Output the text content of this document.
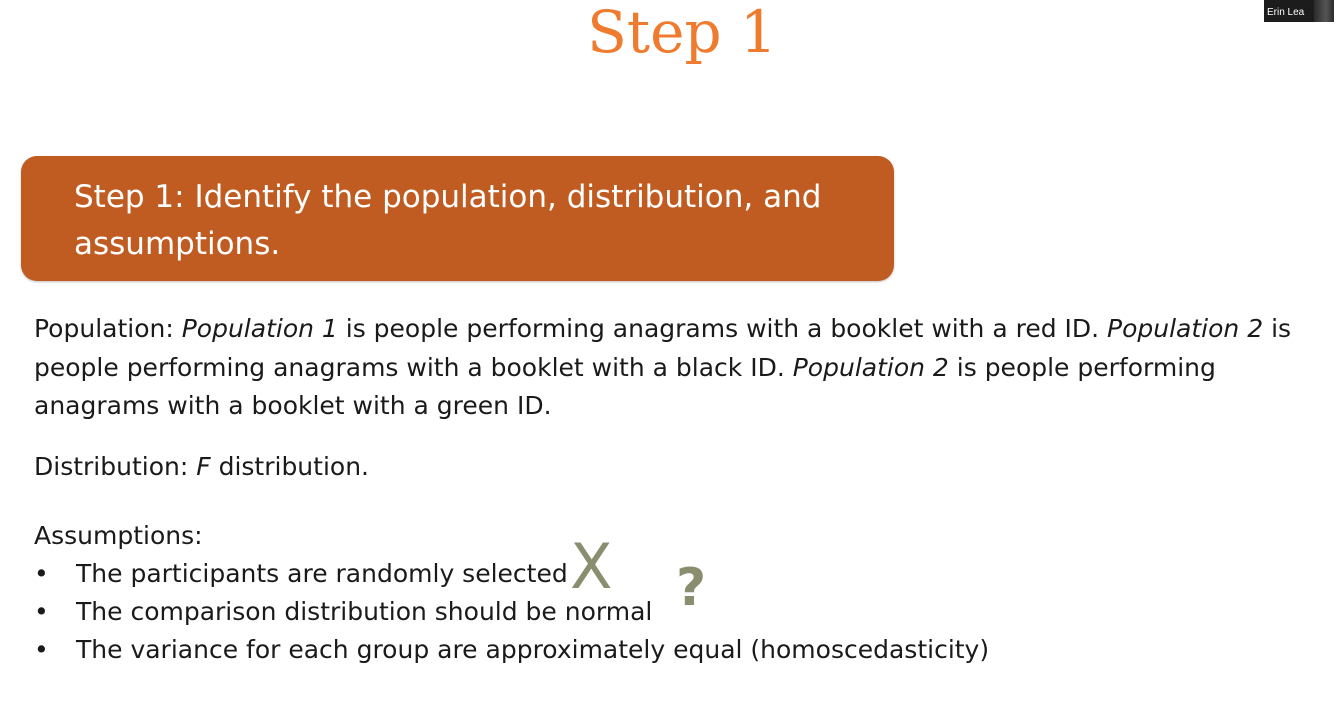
Step 1	Erin Lea
Step 1: Identify the population, distribution, and assumptions.
Population: Population 1 is people performing anagrams with a booklet with a red ID. Population 2 is people performing anagrams with a booklet with a black ID. Population 2 is people performing anagrams with a booklet with a green ID.
Distribution: F distribution.
Assumptions:
• The participants are randomly selected
• The comparison distribution should be normal
• The variance for each group are approximately equal (homoscedasticity)
X ?
